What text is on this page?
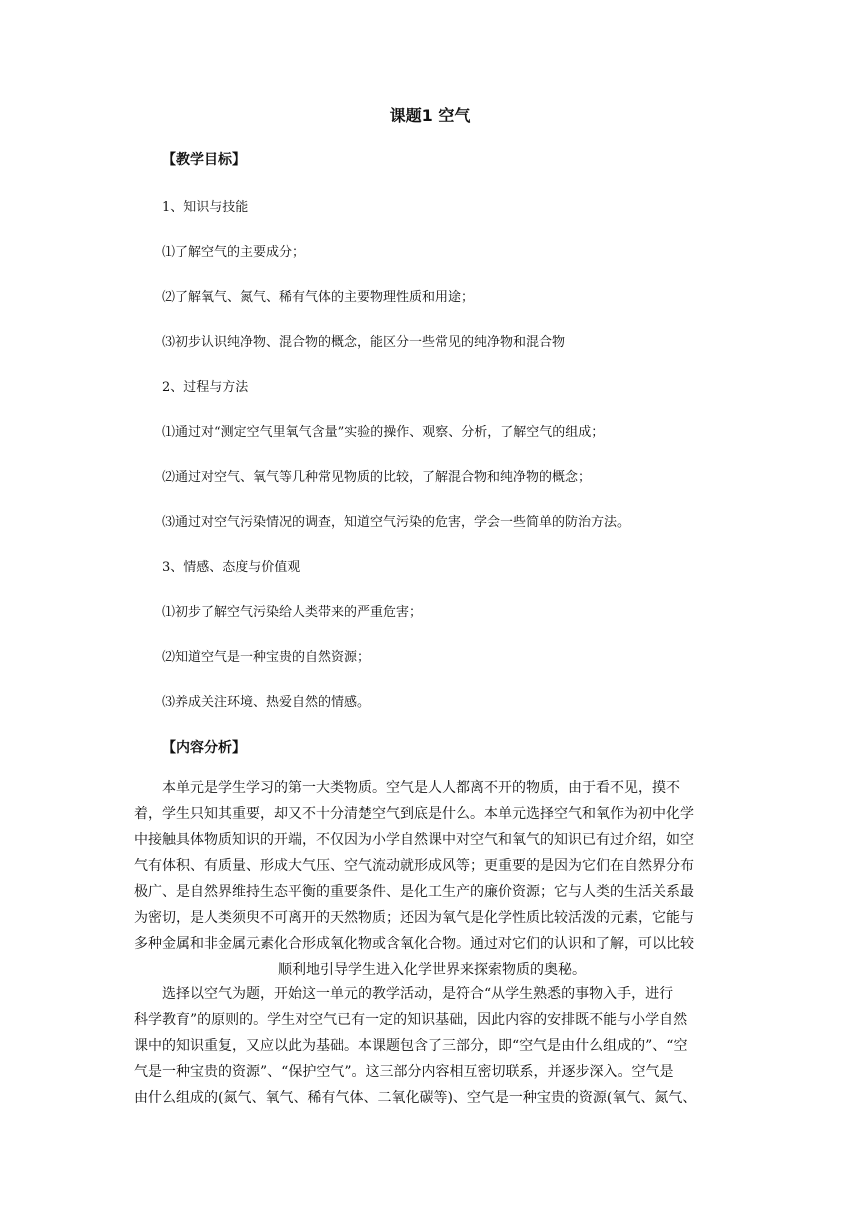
课题1 空气
【教学目标】

1、知识与技能

⑴了解空气的主要成分；

⑵了解氧气、氮气、稀有气体的主要物理性质和用途；

⑶初步认识纯净物、混合物的概念，能区分一些常见的纯净物和混合物

2、过程与方法

⑴通过对“测定空气里氧气含量”实验的操作、观察、分析，了解空气的组成；

⑵通过对空气、氧气等几种常见物质的比较，了解混合物和纯净物的概念；

⑶通过对空气污染情况的调查，知道空气污染的危害，学会一些简单的防治方法。

3、情感、态度与价值观

⑴初步了解空气污染给人类带来的严重危害；

⑵知道空气是一种宝贵的自然资源；

⑶养成关注环境、热爱自然的情感。

【内容分析】
　　本单元是学生学习的第一大类物质。空气是人人都离不开的物质，由于看不见，摸不
着，学生只知其重要，却又不十分清楚空气到底是什么。本单元选择空气和氧作为初中化学
中接触具体物质知识的开端，不仅因为小学自然课中对空气和氧气的知识已有过介绍，如空
气有体积、有质量、形成大气压、空气流动就形成风等；更重要的是因为它们在自然界分布
极广、是自然界维持生态平衡的重要条件、是化工生产的廉价资源；它与人类的生活关系最
为密切，是人类须臾不可离开的天然物质；还因为氧气是化学性质比较活泼的元素，它能与
多种金属和非金属元素化合形成氧化物或含氧化合物。通过对它们的认识和了解，可以比较
顺利地引导学生进入化学世界来探索物质的奥秘。
　　选择以空气为题，开始这一单元的教学活动，是符合“从学生熟悉的事物入手，进行
科学教育”的原则的。学生对空气已有一定的知识基础，因此内容的安排既不能与小学自然
课中的知识重复，又应以此为基础。本课题包含了三部分，即“空气是由什么组成的”、“空
气是一种宝贵的资源”、“保护空气”。这三部分内容相互密切联系，并逐步深入。空气是
由什么组成的(氮气、氧气、稀有气体、二氧化碳等)、空气是一种宝贵的资源(氧气、氮气、
